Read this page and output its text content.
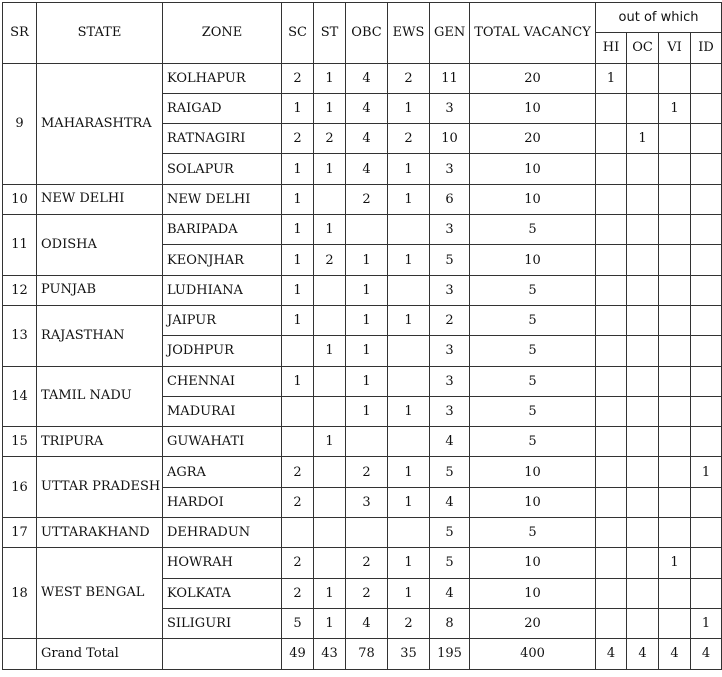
SR	STATE	ZONE	SC	ST	OBC	EWS	GEN	TOTAL VACANCY	out of which			
									HI	OC	VI	ID
9	MAHARASHTRA	KOLHAPUR	2	1	4	2	11	20	1			
		RAIGAD	1	1	4	1	3	10			1	
		RATNAGIRI	2	2	4	2	10	20		1		
		SOLAPUR	1	1	4	1	3	10				
10	NEW DELHI	NEW DELHI	1		2	1	6	10				
11	ODISHA	BARIPADA	1	1			3	5				
		KEONJHAR	1	2	1	1	5	10				
12	PUNJAB	LUDHIANA	1		1		3	5				
13	RAJASTHAN	JAIPUR	1		1	1	2	5				
		JODHPUR		1	1		3	5				
14	TAMIL NADU	CHENNAI	1		1		3	5				
		MADURAI			1	1	3	5				
15	TRIPURA	GUWAHATI		1			4	5				
16	UTTAR PRADESH	AGRA	2		2	1	5	10				1
		HARDOI	2		3	1	4	10				
17	UTTARAKHAND	DEHRADUN					5	5				
18	WEST BENGAL	HOWRAH	2		2	1	5	10			1	
		KOLKATA	2	1	2	1	4	10				
		SILIGURI	5	1	4	2	8	20				1
	Grand Total		49	43	78	35	195	400	4	4	4	4
